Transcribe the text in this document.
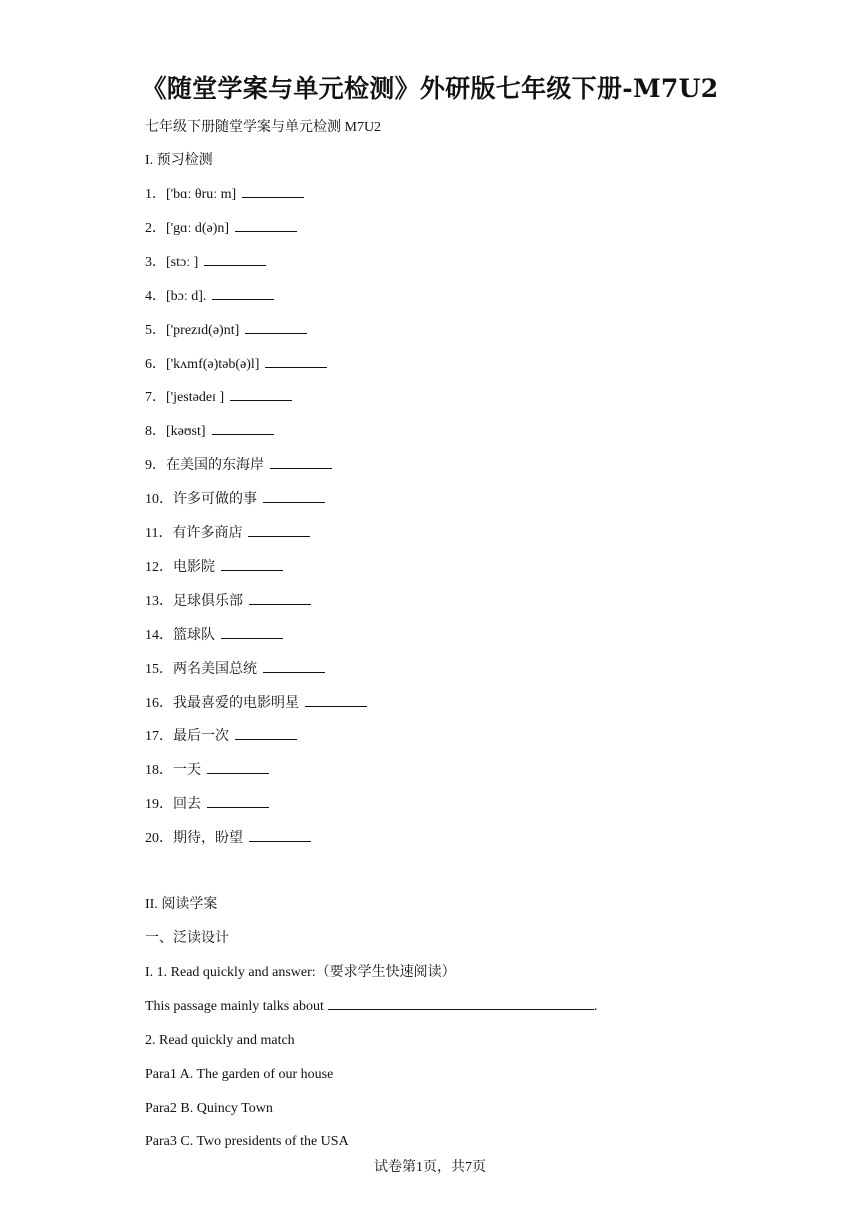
《随堂学案与单元检测》外研版七年级下册-M7U2
七年级下册随堂学案与单元检测 M7U2
I. 预习检测
1．['bɑː θruː m]
2．['gɑː d(ə)n]
3．[stɔː ]
4．[bɔː d].
5．['prezɪd(ə)nt]
6．['kʌmf(ə)təb(ə)l]
7．['jestədeɪ ]
8．[kəʊst]
9．在美国的东海岸
10．许多可做的事
11．有许多商店
12．电影院
13．足球俱乐部
14．篮球队
15．两名美国总统
16．我最喜爱的电影明星
17．最后一次
18．一天
19．回去
20．期待，盼望
II. 阅读学案
一、泛读设计
I. 1. Read quickly and answer:（要求学生快速阅读）
This passage mainly talks about	.
2. Read quickly and match
Para1 A. The garden of our house
Para2 B. Quincy Town
Para3 C. Two presidents of the USA
试卷第1页，共7页
